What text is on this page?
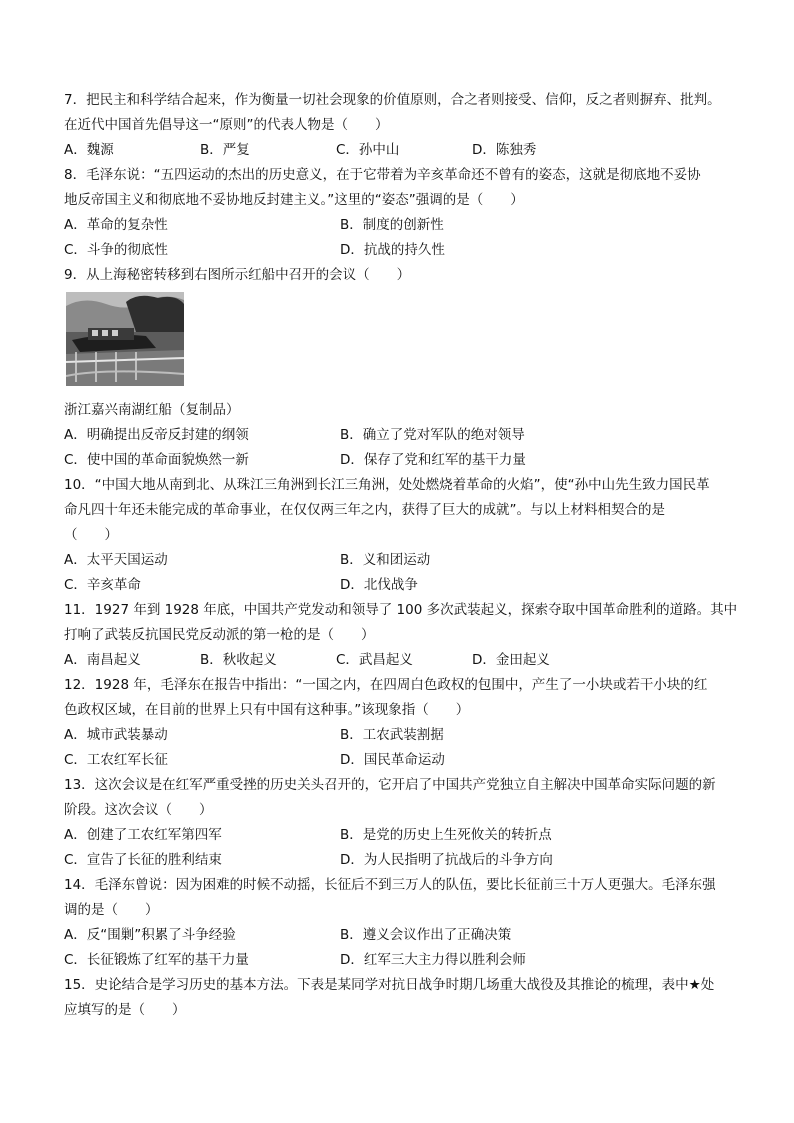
7．把民主和科学结合起来，作为衡量一切社会现象的价值原则，合之者则接受、信仰，反之者则摒弃、批判。
在近代中国首先倡导这一“原则”的代表人物是（　　）
A．魏源	B．严复	C．孙中山	D．陈独秀
8．毛泽东说：“五四运动的杰出的历史意义，在于它带着为辛亥革命还不曾有的姿态，这就是彻底地不妥协
地反帝国主义和彻底地不妥协地反封建主义。”这里的“姿态”强调的是（　　）
A．革命的复杂性	B．制度的创新性
C．斗争的彻底性	D．抗战的持久性
9．从上海秘密转移到右图所示红船中召开的会议（　　）
浙江嘉兴南湖红船（复制品）
A．明确提出反帝反封建的纲领	B．确立了党对军队的绝对领导
C．使中国的革命面貌焕然一新	D．保存了党和红军的基干力量
10．“中国大地从南到北、从珠江三角洲到长江三角洲，处处燃烧着革命的火焰”，使“孙中山先生致力国民革
命凡四十年还未能完成的革命事业，在仅仅两三年之内，获得了巨大的成就”。与以上材料相契合的是
（　　）
A．太平天国运动	B．义和团运动
C．辛亥革命	D．北伐战争
11．1927 年到 1928 年底，中国共产党发动和领导了 100 多次武装起义，探索夺取中国革命胜利的道路。其中
打响了武装反抗国民党反动派的第一枪的是（　　）
A．南昌起义	B．秋收起义	C．武昌起义	D．金田起义
12．1928 年，毛泽东在报告中指出：“一国之内，在四周白色政权的包围中，产生了一小块或若干小块的红
色政权区域，在目前的世界上只有中国有这种事。”该现象指（　　）
A．城市武装暴动	B．工农武装割据
C．工农红军长征	D．国民革命运动
13．这次会议是在红军严重受挫的历史关头召开的，它开启了中国共产党独立自主解决中国革命实际问题的新
阶段。这次会议（　　）
A．创建了工农红军第四军	B．是党的历史上生死攸关的转折点
C．宣告了长征的胜利结束	D．为人民指明了抗战后的斗争方向
14．毛泽东曾说：因为困难的时候不动摇，长征后不到三万人的队伍，要比长征前三十万人更强大。毛泽东强
调的是（　　）
A．反“围剿”积累了斗争经验	B．遵义会议作出了正确决策
C．长征锻炼了红军的基干力量	D．红军三大主力得以胜利会师
15．史论结合是学习历史的基本方法。下表是某同学对抗日战争时期几场重大战役及其推论的梳理，表中★处
应填写的是（　　）
